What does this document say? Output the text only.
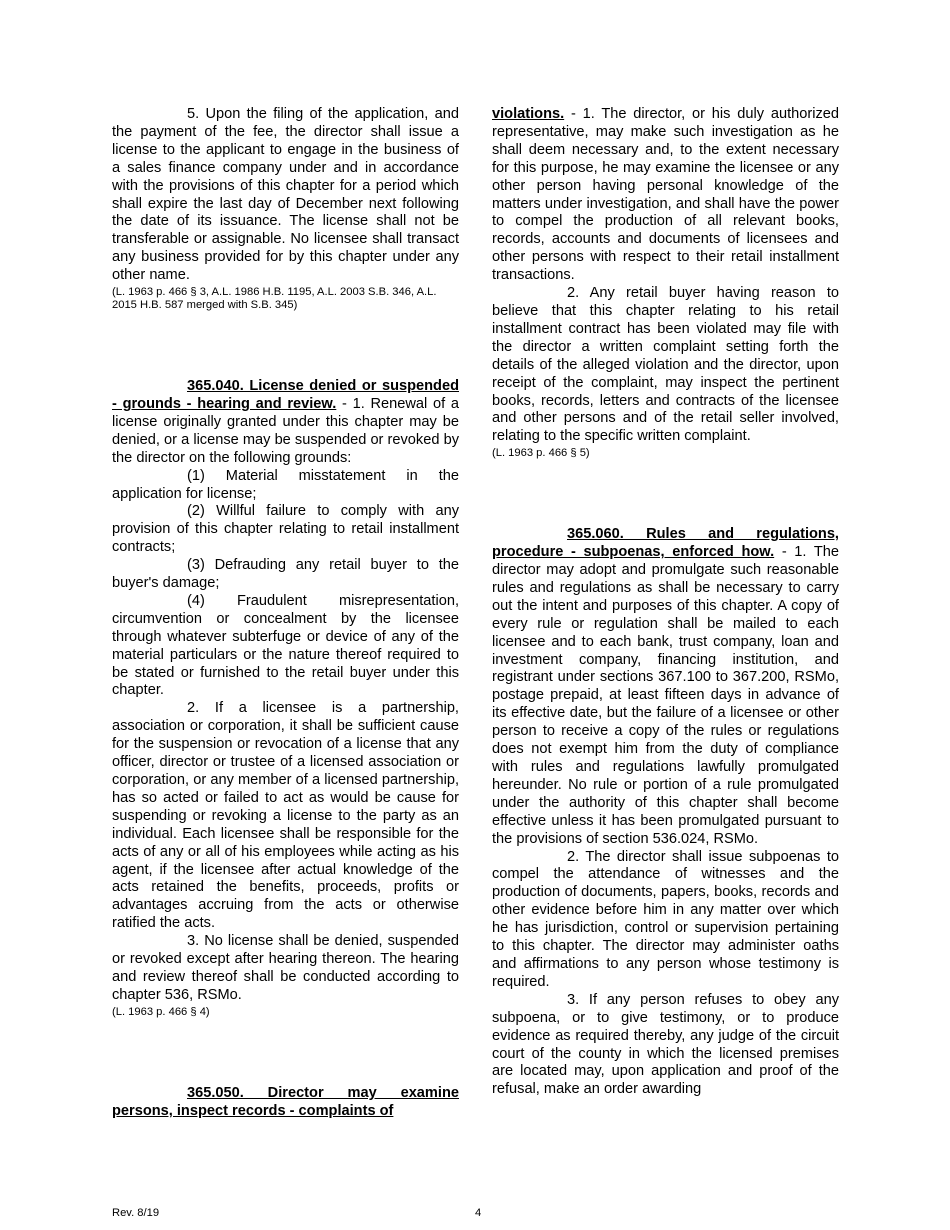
5. Upon the filing of the application, and the payment of the fee, the director shall issue a license to the applicant to engage in the business of a sales finance company under and in accordance with the provisions of this chapter for a period which shall expire the last day of December next following the date of its issuance. The license shall not be transferable or assignable. No licensee shall transact any business provided for by this chapter under any other name.

(L. 1963 p. 466 § 3, A.L. 1986 H.B. 1195, A.L. 2003 S.B. 346, A.L. 2015 H.B. 587 merged with S.B. 345)

365.040. License denied or suspended - grounds - hearing and review. - 1. Renewal of a license originally granted under this chapter may be denied, or a license may be suspended or revoked by the director on the following grounds:

(1) Material misstatement in the application for license;

(2) Willful failure to comply with any provision of this chapter relating to retail installment contracts;

(3) Defrauding any retail buyer to the buyer's damage;

(4) Fraudulent misrepresentation, circumvention or concealment by the licensee through whatever subterfuge or device of any of the material particulars or the nature thereof required to be stated or furnished to the retail buyer under this chapter.

2. If a licensee is a partnership, association or corporation, it shall be sufficient cause for the suspension or revocation of a license that any officer, director or trustee of a licensed association or corporation, or any member of a licensed partnership, has so acted or failed to act as would be cause for suspending or revoking a license to the party as an individual. Each licensee shall be responsible for the acts of any or all of his employees while acting as his agent, if the licensee after actual knowledge of the acts retained the benefits, proceeds, profits or advantages accruing from the acts or otherwise ratified the acts.

3. No license shall be denied, suspended or revoked except after hearing thereon. The hearing and review thereof shall be conducted according to chapter 536, RSMo.

(L. 1963 p. 466 § 4)

365.050. Director may examine persons, inspect records - complaints of

violations. - 1. The director, or his duly authorized representative, may make such investigation as he shall deem necessary and, to the extent necessary for this purpose, he may examine the licensee or any other person having personal knowledge of the matters under investigation, and shall have the power to compel the production of all relevant books, records, accounts and documents of licensees and other persons with respect to their retail installment transactions.

2. Any retail buyer having reason to believe that this chapter relating to his retail installment contract has been violated may file with the director a written complaint setting forth the details of the alleged violation and the director, upon receipt of the complaint, may inspect the pertinent books, records, letters and contracts of the licensee and other persons and of the retail seller involved, relating to the specific written complaint.

(L. 1963 p. 466 § 5)

365.060. Rules and regulations, procedure - subpoenas, enforced how. - 1. The director may adopt and promulgate such reasonable rules and regulations as shall be necessary to carry out the intent and purposes of this chapter. A copy of every rule or regulation shall be mailed to each licensee and to each bank, trust company, loan and investment company, financing institution, and registrant under sections 367.100 to 367.200, RSMo, postage prepaid, at least fifteen days in advance of its effective date, but the failure of a licensee or other person to receive a copy of the rules or regulations does not exempt him from the duty of compliance with rules and regulations lawfully promulgated hereunder. No rule or portion of a rule promulgated under the authority of this chapter shall become effective unless it has been promulgated pursuant to the provisions of section 536.024, RSMo.

2. The director shall issue subpoenas to compel the attendance of witnesses and the production of documents, papers, books, records and other evidence before him in any matter over which he has jurisdiction, control or supervision pertaining to this chapter. The director may administer oaths and affirmations to any person whose testimony is required.

3. If any person refuses to obey any subpoena, or to give testimony, or to produce evidence as required thereby, any judge of the circuit court of the county in which the licensed premises are located may, upon application and proof of the refusal, make an order awarding

Rev. 8/19	4
